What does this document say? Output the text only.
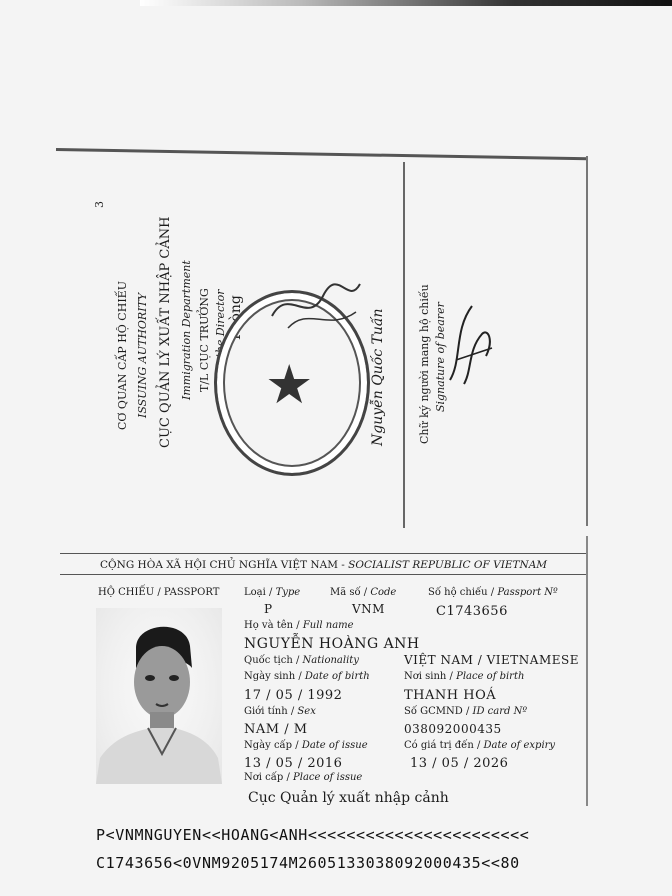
3
CƠ QUAN CẤP HỘ CHIẾU ISSUING AUTHORITY CỤC QUẢN LÝ XUẤT NHẬP CẢNH Immigration Department T/L CỤC TRƯỞNG For the Director Phòng
★	Nguyễn Quốc Tuấn	Chữ ký người mang hộ chiếu Signature of bearer
CỘNG HÒA XÃ HỘI CHỦ NGHĨA VIỆT NAM - SOCIALIST REPUBLIC OF VIETNAM
HỘ CHIẾU / PASSPORT Loại / Type	Mã số / Code	Số hộ chiếu / Passport Nº
P	VNM	C1743656
Họ và tên / Full name
NGUYỄN HOÀNG ANH
Quốc tịch / Nationality	VIỆT NAM / VIETNAMESE
Ngày sinh / Date of birth	Nơi sinh / Place of birth
17 / 05 / 1992	THANH HOÁ
Giới tính / Sex	Số GCMND / ID card Nº
NAM / M	038092000435
Ngày cấp / Date of issue	Có giá trị đến / Date of expiry
13 / 05 / 2016	13 / 05 / 2026
Nơi cấp / Place of issue
Cục Quản lý xuất nhập cảnh
P<VNMNGUYEN<<HOANG<ANH<<<<<<<<<<<<<<<<<<<<<<<
C1743656<0VNM9205174M2605133038092000435<<80
